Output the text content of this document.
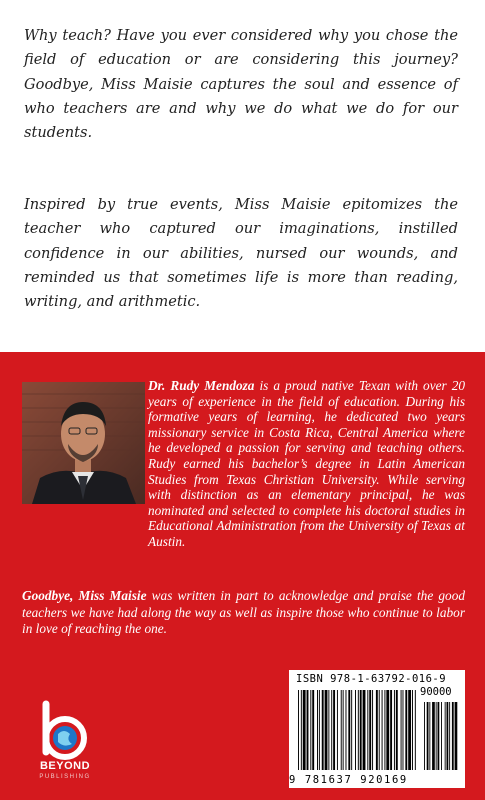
Why teach? Have you ever considered why you chose the field of education or are considering this journey? Goodbye, Miss Maisie captures the soul and essence of who teachers are and why we do what we do for our students.

Inspired by true events, Miss Maisie epitomizes the teacher who captured our imaginations, instilled confidence in our abilities, nursed our wounds, and reminded us that sometimes life is more than reading, writing, and arithmetic.

Dr. Rudy Mendoza is a proud native Texan with over 20 years of experience in the field of education. During his formative years of learning, he dedicated two years missionary service in Costa Rica, Central America where he developed a passion for serving and teaching others. Rudy earned his bachelor’s degree in Latin American Studies from Texas Christian University. While serving with distinction as an elementary principal, he was nominated and selected to complete his doctoral studies in Educational Administration from the University of Texas at Austin.

Goodbye, Miss Maisie was written in part to acknowledge and praise the good teachers we have had along the way as well as inspire those who continue to labor in love of reaching the one.

BEYOND
PUBLISHING
ISBN 978-1-63792-016-9
9 781637 920169
90000
